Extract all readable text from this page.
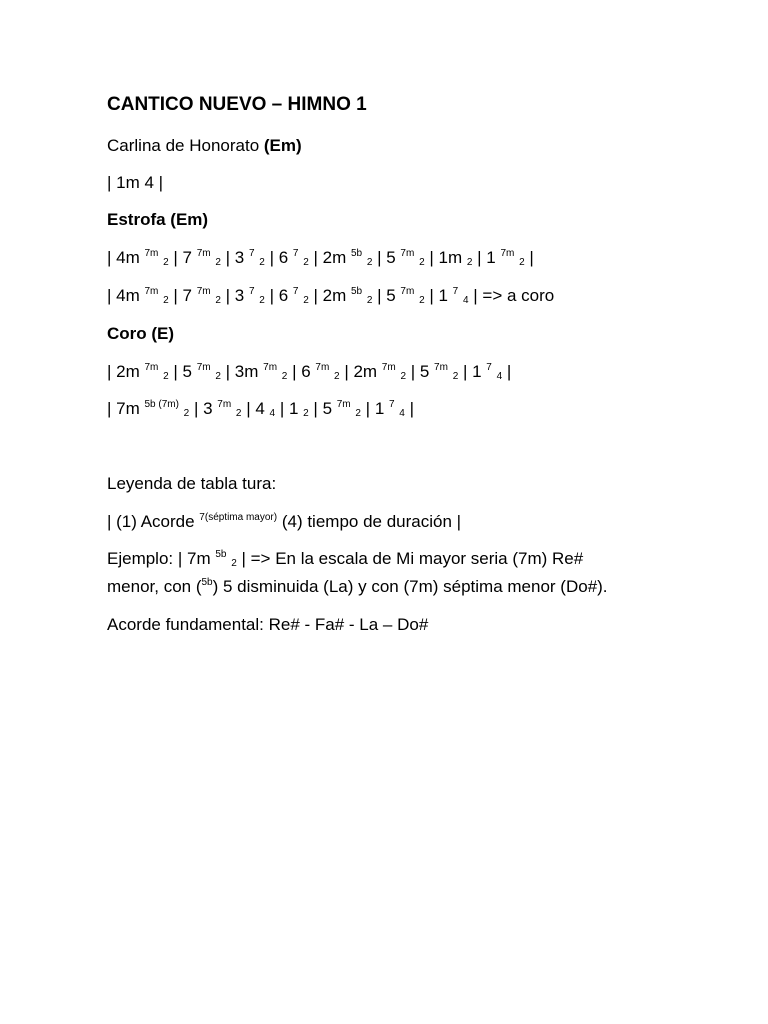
CANTICO NUEVO – HIMNO 1
Carlina de Honorato (Em)
| 1m 4 |
Estrofa (Em)
| 4m $^{7m}$ $_2$ | 7 $^{7m}$ $_2$ | 3 $^7$ $_2$ | 6 $^7$ $_2$ | 2m $^{5b}$ $_2$ | 5 $^{7m}$ $_2$ | 1m $_2$ | 1 $^{7m}$ $_2$ |
| 4m $^{7m}$ $_2$ | 7 $^{7m}$ $_2$ | 3 $^7$ $_2$ | 6 $^7$ $_2$ | 2m $^{5b}$ $_2$ | 5 $^{7m}$ $_2$ | 1 $^7$ $_4$ | => a coro
Coro (E)
| 2m $^{7m}$ $_2$ | 5 $^{7m}$ $_2$ | 3m $^{7m}$ $_2$ | 6 $^{7m}$ $_2$ | 2m $^{7m}$ $_2$ | 5 $^{7m}$ $_2$ | 1 $^7$ $_4$ |
| 7m $^{5b (7m)}$ $_2$ | 3 $^{7m}$ $_2$ | 4 $_4$ | 1 $_2$ | 5 $^{7m}$ $_2$ | 1 $^7$ $_4$ |
Leyenda de tabla tura:
| (1) Acorde $^{7(séptima mayor)}$ (4) tiempo de duración |
Ejemplo: | 7m $^{5b}$ $_2$ | => En la escala de Mi mayor seria (7m) Re#
menor, con ($^{5b}$) 5 disminuida (La) y con (7m) séptima menor (Do#).
Acorde fundamental: Re# - Fa# - La – Do#
